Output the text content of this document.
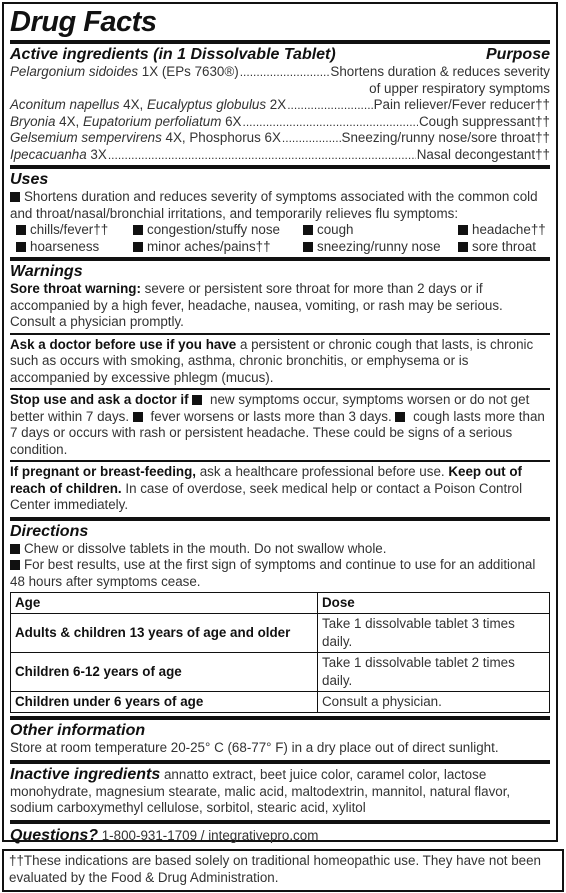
Drug Facts
Active ingredients (in 1 Dissolvable Tablet)	Purpose
Pelargonium sidoides 1X (EPs 7630®) .....	Shortens duration & reduces severity
of upper respiratory symptoms
Aconitum napellus 4X, Eucalyptus globulus 2X .....	Pain reliever/Fever reducer††
Bryonia 4X, Eupatorium perfoliatum 6X .....	Cough suppressant††
Gelsemium sempervirens 4X, Phosphorus 6X .....	Sneezing/runny nose/sore throat††
Ipecacuanha 3X .....	Nasal decongestant††
Uses
Shortens duration and reduces severity of symptoms associated with the common cold and throat/nasal/bronchial irritations, and temporarily relieves flu symptoms:
chills/fever††	congestion/stuffy nose	cough	headache††
hoarseness	minor aches/pains††	sneezing/runny nose	sore throat
Warnings
Sore throat warning: severe or persistent sore throat for more than 2 days or if accompanied by a high fever, headache, nausea, vomiting, or rash may be serious. Consult a physician promptly.
Ask a doctor before use if you have a persistent or chronic cough that lasts, is chronic such as occurs with smoking, asthma, chronic bronchitis, or emphysema or is accompanied by excessive phlegm (mucus).
Stop use and ask a doctor if  new symptoms occur, symptoms worsen or do not get better within 7 days.  fever worsens or lasts more than 3 days.  cough lasts more than 7 days or occurs with rash or persistent headache. These could be signs of a serious condition.
If pregnant or breast-feeding, ask a healthcare professional before use. Keep out of reach of children. In case of overdose, seek medical help or contact a Poison Control Center immediately.
Directions
Chew or dissolve tablets in the mouth. Do not swallow whole.
For best results, use at the first sign of symptoms and continue to use for an additional 48 hours after symptoms cease.
Age	Dose
Adults & children 13 years of age and older	Take 1 dissolvable tablet 3 times daily.
Children 6-12 years of age	Take 1 dissolvable tablet 2 times daily.
Children under 6 years of age	Consult a physician.
Other information
Store at room temperature 20-25° C (68-77° F) in a dry place out of direct sunlight.
Inactive ingredients annatto extract, beet juice color, caramel color, lactose monohydrate, magnesium stearate, malic acid, maltodextrin, mannitol, natural flavor, sodium carboxymethyl cellulose, sorbitol, stearic acid, xylitol
Questions? 1-800-931-1709 / integrativepro.com
††These indications are based solely on traditional homeopathic use. They have not been evaluated by the Food & Drug Administration.
